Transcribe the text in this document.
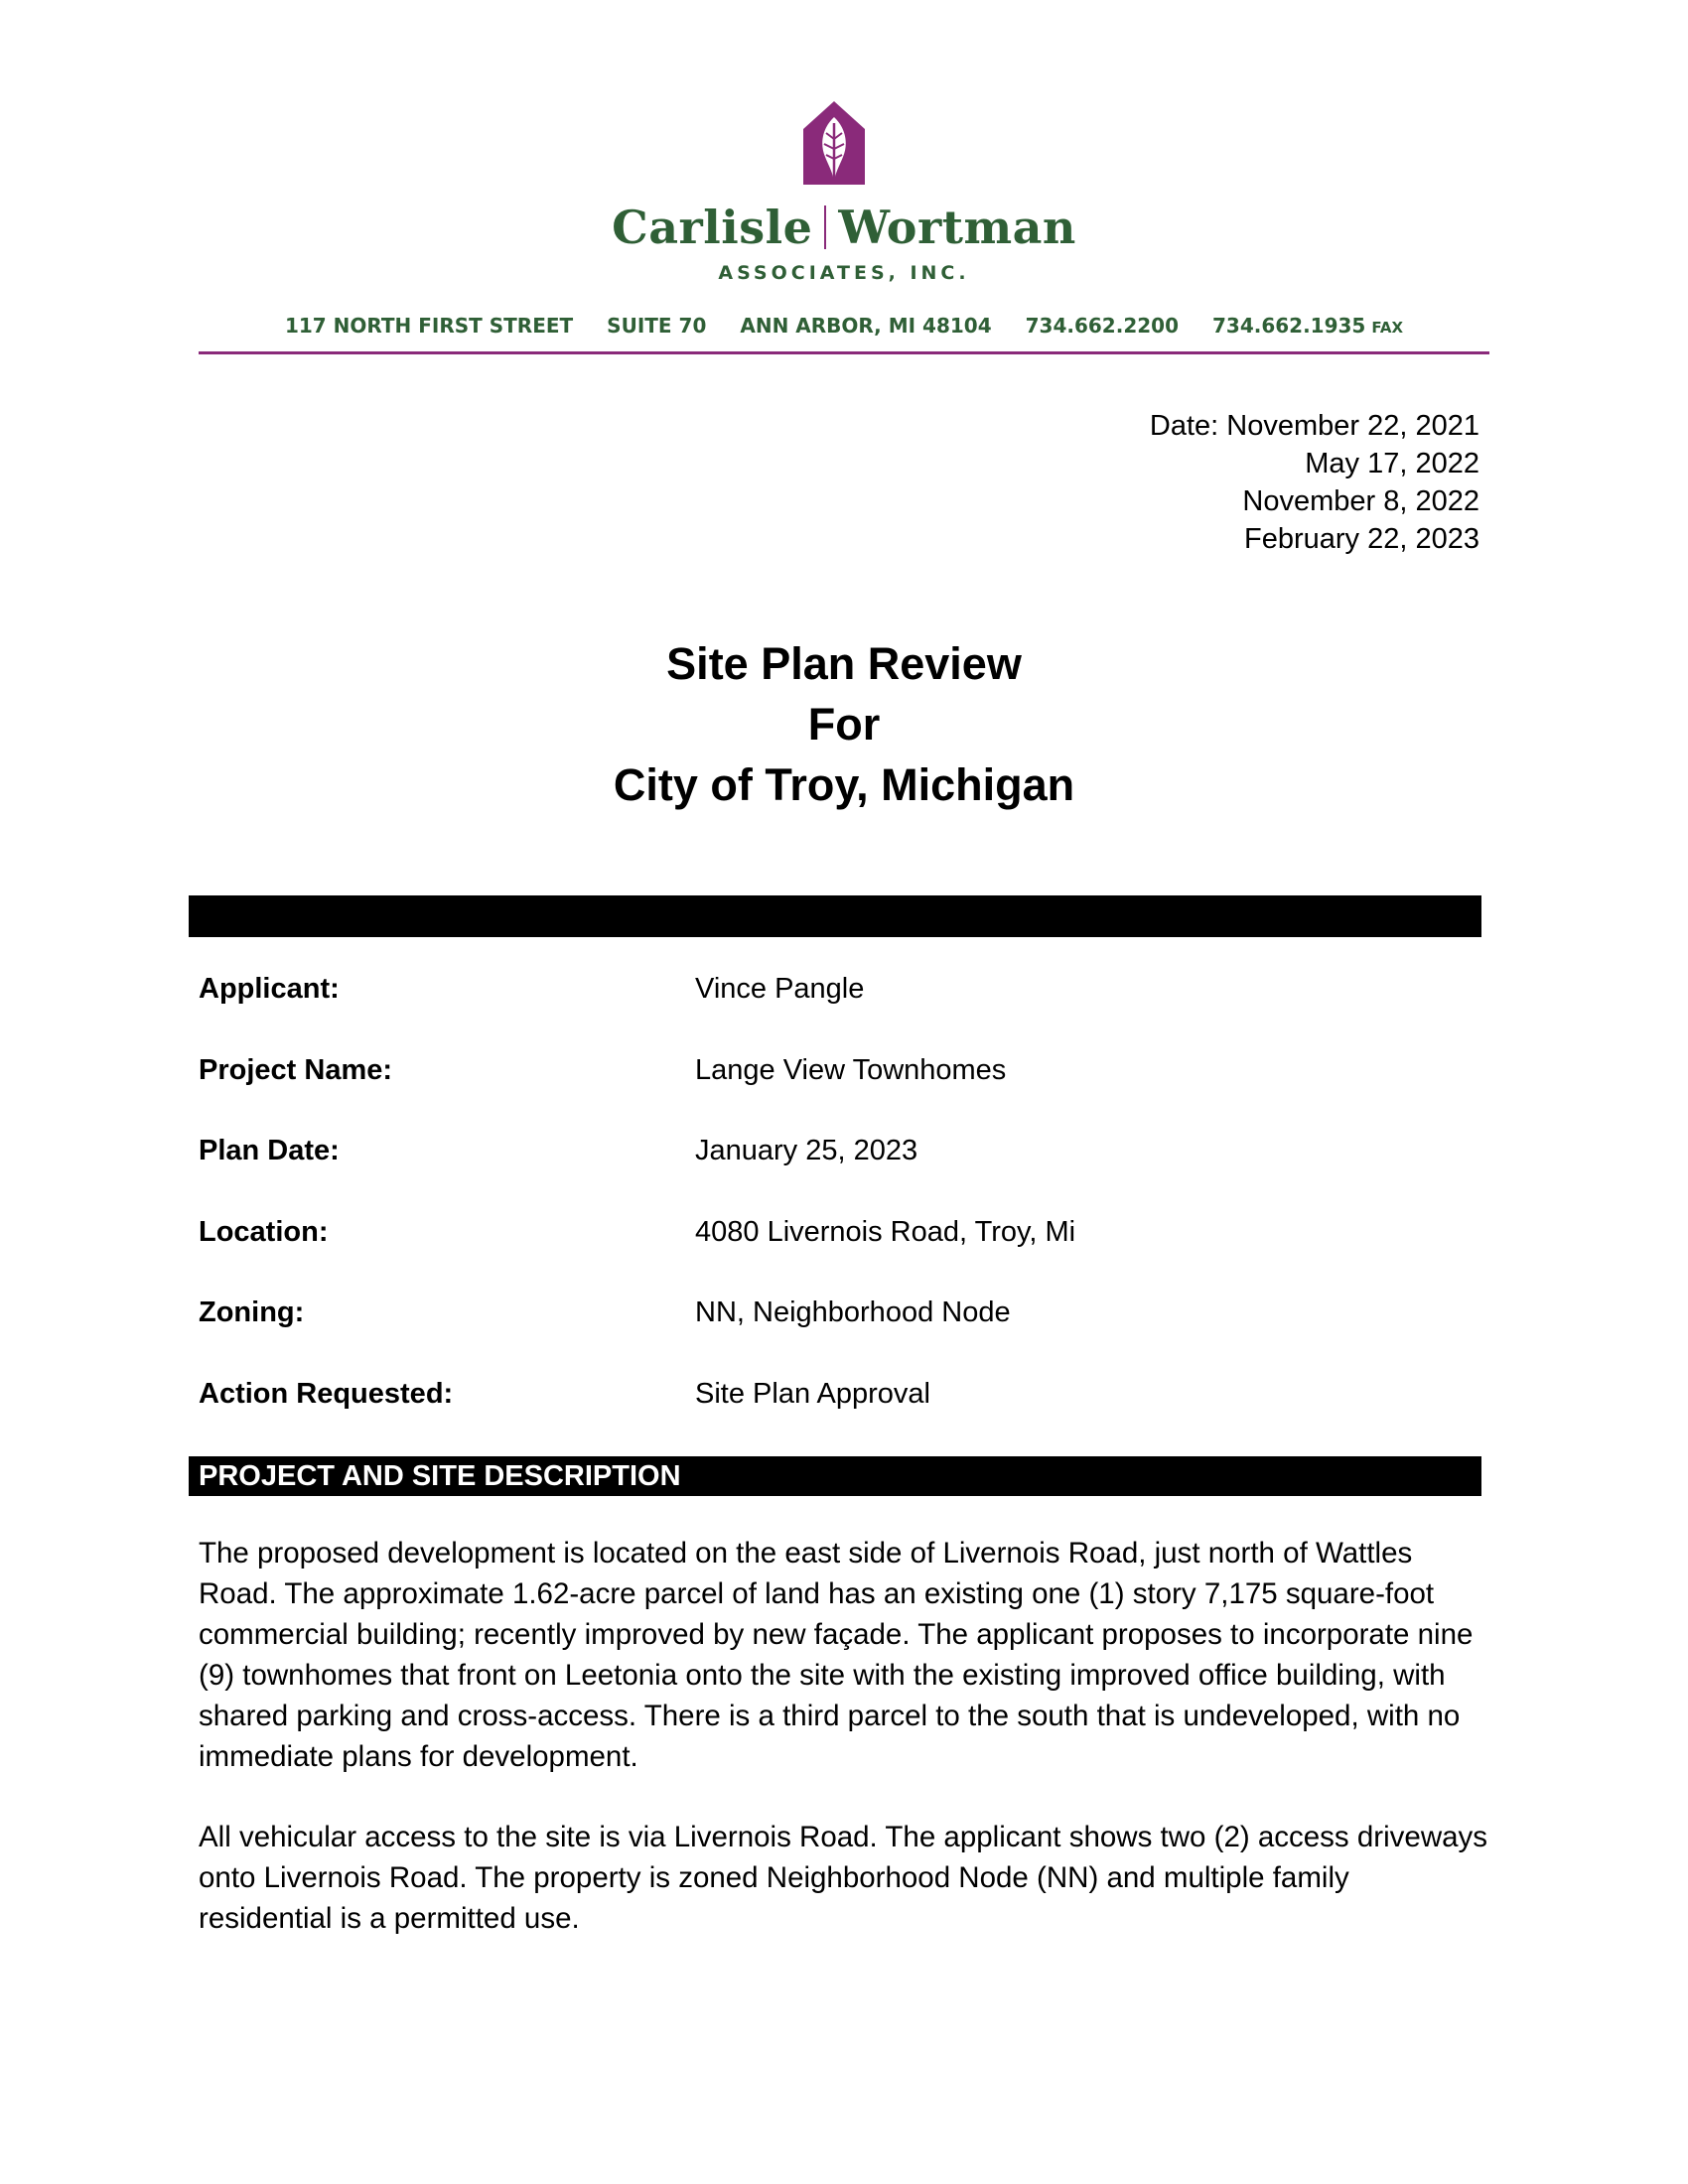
Carlisle Wortman
ASSOCIATES, INC.
117 NORTH FIRST STREET SUITE 70 ANN ARBOR, MI 48104 734.662.2200 734.662.1935 FAX
Date: November 22, 2021
May 17, 2022
November 8, 2022
February 22, 2023
Site Plan Review
For
City of Troy, Michigan
Applicant:	Vince Pangle
Project Name:	Lange View Townhomes
Plan Date:	January 25, 2023
Location:	4080 Livernois Road, Troy, Mi
Zoning:	NN, Neighborhood Node
Action Requested:	Site Plan Approval
PROJECT AND SITE DESCRIPTION

The proposed development is located on the east side of Livernois Road, just north of Wattles Road. The approximate 1.62-acre parcel of land has an existing one (1) story 7,175 square-foot commercial building; recently improved by new façade. The applicant proposes to incorporate nine (9) townhomes that front on Leetonia onto the site with the existing improved office building, with shared parking and cross-access. There is a third parcel to the south that is undeveloped, with no immediate plans for development.

All vehicular access to the site is via Livernois Road. The applicant shows two (2) access driveways onto Livernois Road. The property is zoned Neighborhood Node (NN) and multiple family residential is a permitted use.
